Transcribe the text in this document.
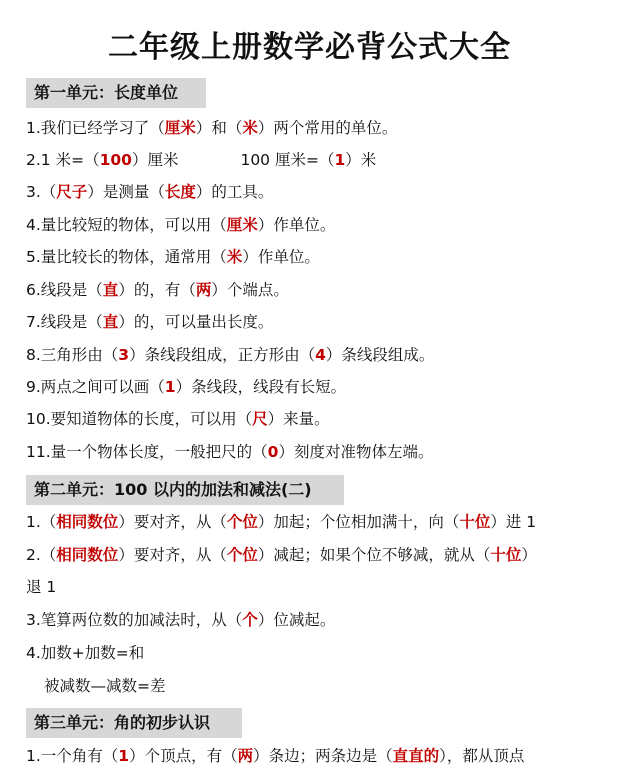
二年级上册数学必背公式大全
第一单元：长度单位
1.我们已经学习了（厘米）和（米）两个常用的单位。
2.1 米=（100）厘米	100 厘米=（1）米
3.（尺子）是测量（长度）的工具。
4.量比较短的物体，可以用（厘米）作单位。
5.量比较长的物体，通常用（米）作单位。
6.线段是（直）的，有（两）个端点。
7.线段是（直）的，可以量出长度。
8.三角形由（3）条线段组成，正方形由（4）条线段组成。
9.两点之间可以画（1）条线段，线段有长短。
10.要知道物体的长度，可以用（尺）来量。
11.量一个物体长度，一般把尺的（0）刻度对准物体左端。
第二单元：100 以内的加法和减法(二)
1.（相同数位）要对齐，从（个位）加起；个位相加满十，向（十位）进 1
2.（相同数位）要对齐，从（个位）减起；如果个位不够减，就从（十位）
退 1
3.笔算两位数的加减法时，从（个）位减起。
4.加数+加数=和
被减数—减数=差
第三单元：角的初步认识
1.一个角有（1）个顶点，有（两）条边；两条边是（直直的），都从顶点
